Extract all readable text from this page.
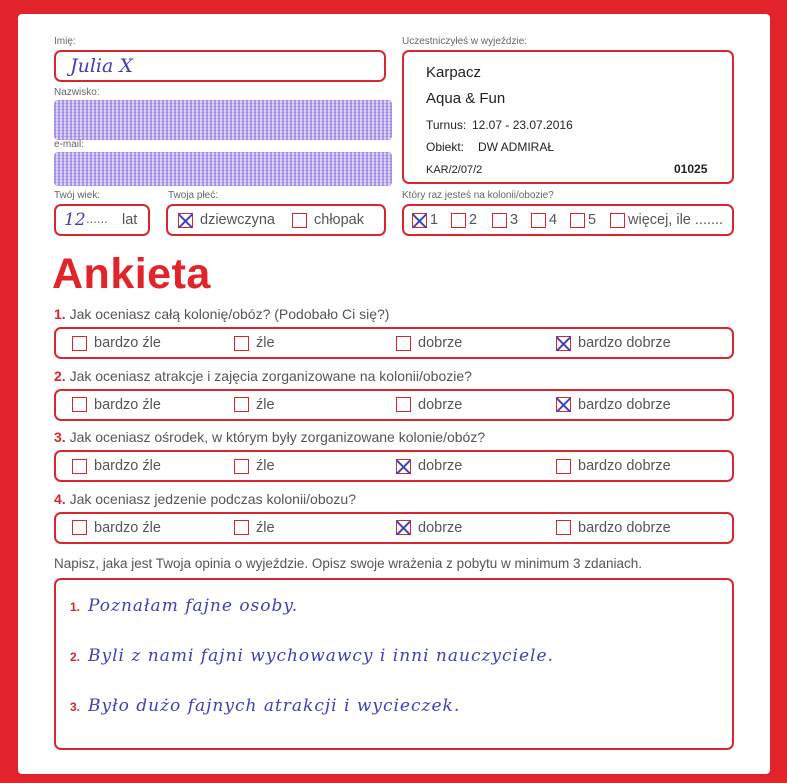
Imię:
Julia X
Nazwisko:
e-mail:
Twój wiek:
12 ...... lat
Twoja płeć:
dziewczyna	chłopak
Uczestniczyłeś w wyjeździe:
Karpacz
Aqua & Fun
Turnus: 12.07 - 23.07.2016
Obiekt: DW ADMIRAŁ
KAR/2/07/2	01025
Który raz jesteś na kolonii/obozie?
1 2 3 4 5 więcej, ile .......
Ankieta
1. Jak oceniasz całą kolonię/obóz? (Podobało Ci się?)
bardzo źle	źle	dobrze	bardzo dobrze
2. Jak oceniasz atrakcje i zajęcia zorganizowane na kolonii/obozie?
bardzo źle	źle	dobrze	bardzo dobrze
3. Jak oceniasz ośrodek, w którym były zorganizowane kolonie/obóz?
bardzo źle	źle	dobrze	bardzo dobrze
4. Jak oceniasz jedzenie podczas kolonii/obozu?
bardzo źle	źle	dobrze	bardzo dobrze
Napisz, jaka jest Twoja opinia o wyjeździe. Opisz swoje wrażenia z pobytu w minimum 3 zdaniach.
1. Poznałam fajne osoby.
2. Byli z nami fajni wychowawcy i inni nauczyciele.
3. Było dużo fajnych atrakcji i wycieczek.
